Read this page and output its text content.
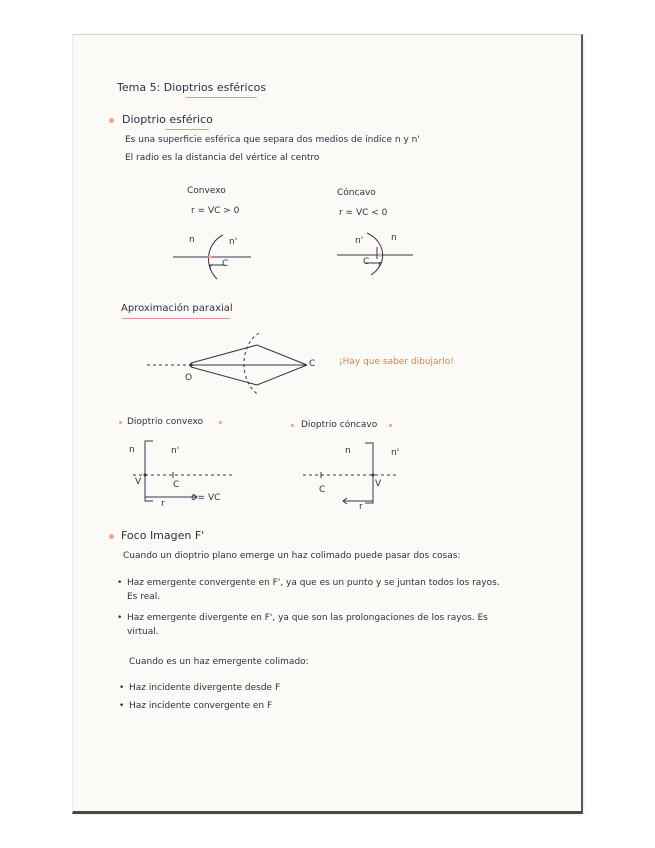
Tema 5: Dioptrios esféricos
Dioptrio esférico
Es una superficie esférica que separa dos medios de índice n y n'
El radio es la distancia del vértice al centro
Convexo
r = VC > 0
Cóncavo
r = VC < 0
n	n'
C
r
n'	n
C r
Aproximación paraxial
C
O
¡Hay que saber dibujarlo!
Dioptrio convexo
n	n'
V	C
r = VC
r
Dioptrio cóncavo
n	n'
V
C
r
Foco Imagen F'
Cuando un dioptrio plano emerge un haz colimado puede pasar dos cosas:
• Haz emergente convergente en F', ya que es un punto y se juntan todos los rayos.
Es real.
• Haz emergente divergente en F', ya que son las prolongaciones de los rayos. Es
virtual.
Cuando es un haz emergente colimado:
• Haz incidente divergente desde F
• Haz incidente convergente en F
